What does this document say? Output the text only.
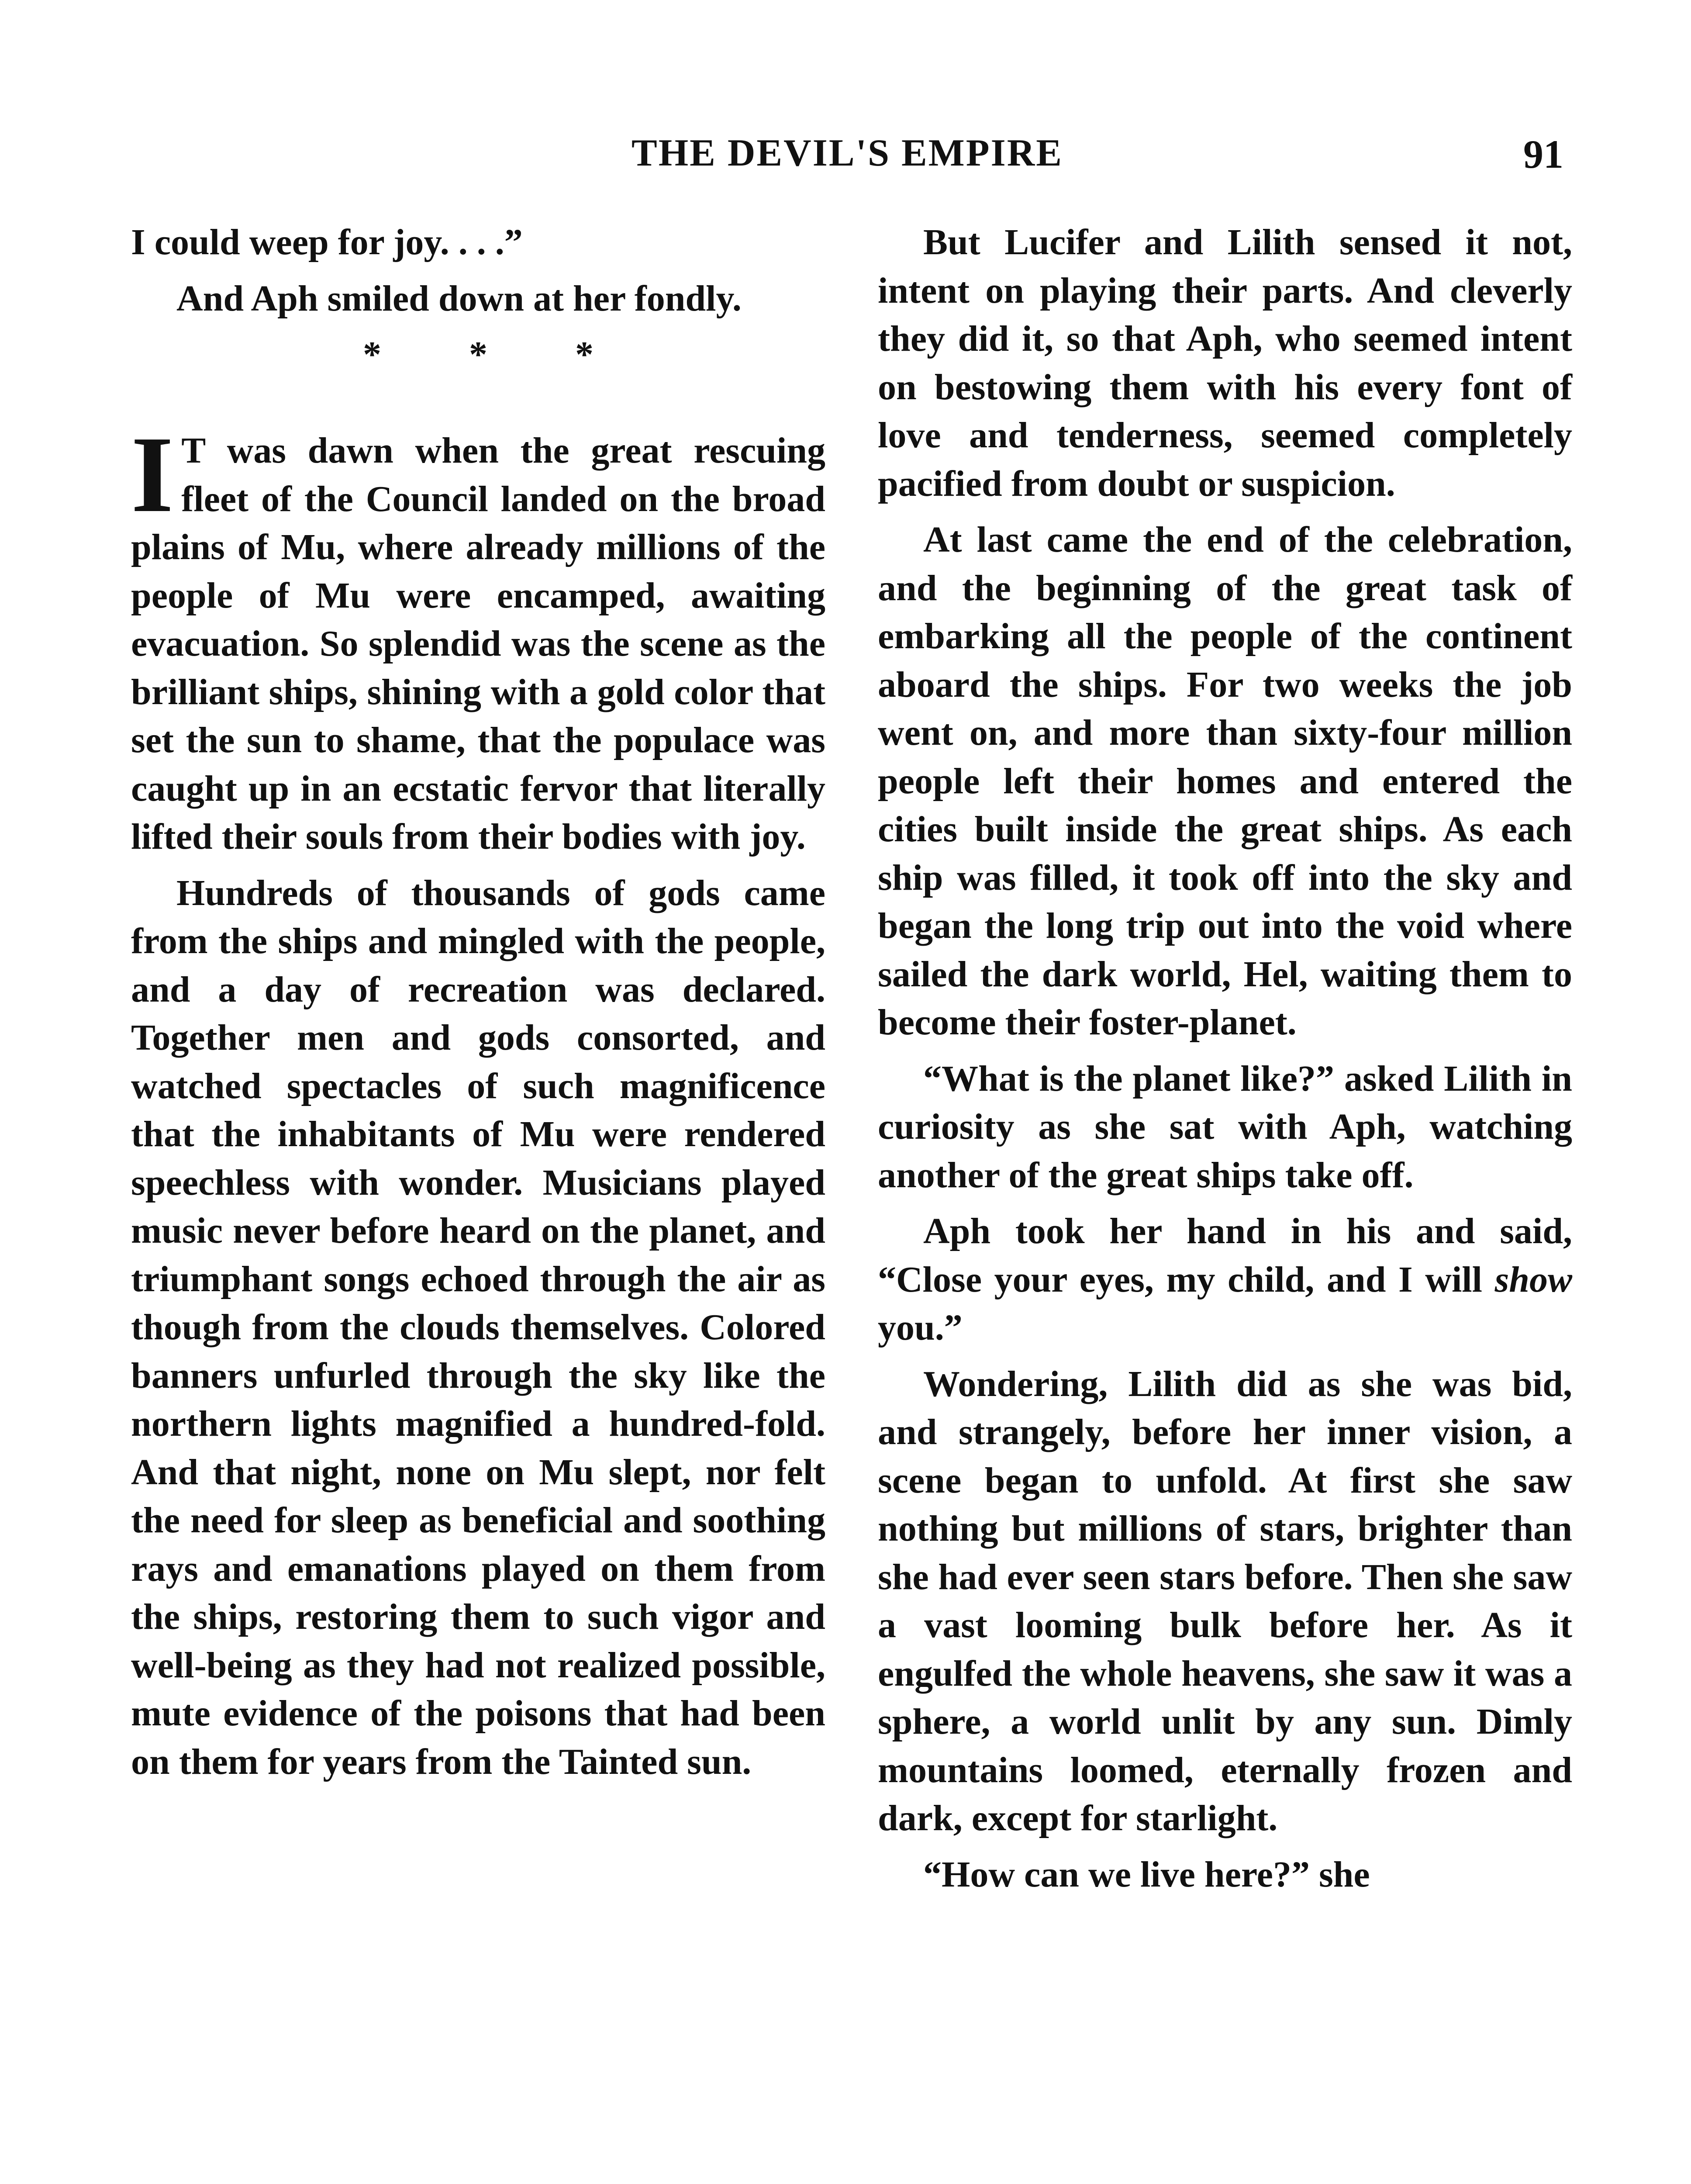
THE DEVIL'S EMPIRE	91

I could weep for joy. . . .”

And Aph smiled down at her fondly.

* * *

I T was dawn when the great rescuing fleet of the Council landed on the broad plains of Mu, where already millions of the people of Mu were encamped, awaiting evacuation. So splendid was the scene as the brilliant ships, shining with a gold color that set the sun to shame, that the populace was caught up in an ecstatic fervor that literally lifted their souls from their bodies with joy.

Hundreds of thousands of gods came from the ships and mingled with the people, and a day of recreation was declared. Together men and gods consorted, and watched spectacles of such magnificence that the inhabitants of Mu were rendered speechless with wonder. Musicians played music never before heard on the planet, and triumphant songs echoed through the air as though from the clouds themselves. Colored banners unfurled through the sky like the northern lights magnified a hundred-fold. And that night, none on Mu slept, nor felt the need for sleep as beneficial and soothing rays and emanations played on them from the ships, restoring them to such vigor and well-being as they had not realized possible, mute evidence of the poisons that had been on them for years from the Tainted sun.

But Lucifer and Lilith sensed it not, intent on playing their parts. And cleverly they did it, so that Aph, who seemed intent on bestowing them with his every font of love and tenderness, seemed completely pacified from doubt or suspicion.

At last came the end of the celebration, and the beginning of the great task of embarking all the people of the continent aboard the ships. For two weeks the job went on, and more than sixty-four million people left their homes and entered the cities built inside the great ships. As each ship was filled, it took off into the sky and began the long trip out into the void where sailed the dark world, Hel, waiting them to become their foster-planet.

“What is the planet like?” asked Lilith in curiosity as she sat with Aph, watching another of the great ships take off.

Aph took her hand in his and said, “Close your eyes, my child, and I will show you.”

Wondering, Lilith did as she was bid, and strangely, before her inner vision, a scene began to unfold. At first she saw nothing but millions of stars, brighter than she had ever seen stars before. Then she saw a vast looming bulk before her. As it engulfed the whole heavens, she saw it was a sphere, a world unlit by any sun. Dimly mountains loomed, eternally frozen and dark, except for starlight.

“How can we live here?” she
